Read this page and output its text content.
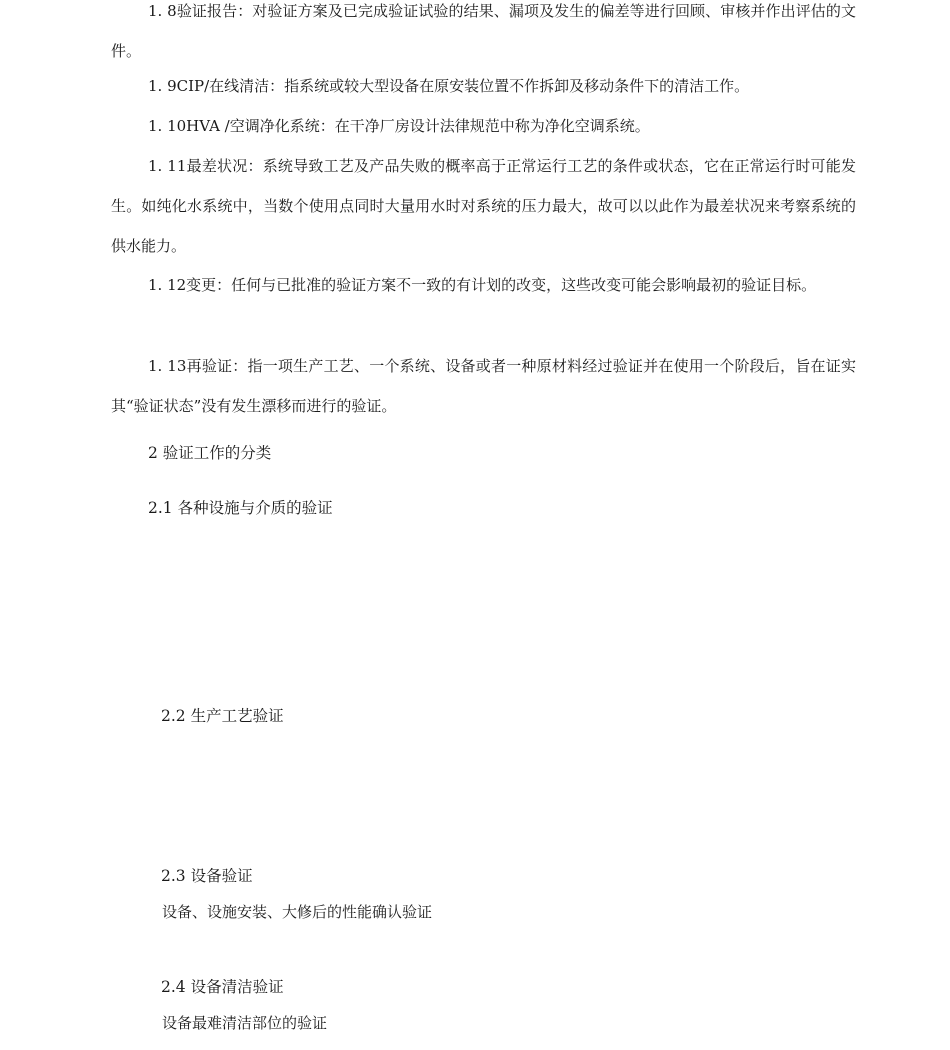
1. 8验证报告：对验证方案及已完成验证试验的结果、漏项及发生的偏差等进行回顾、审核并作出评估的文件。

1. 9CIP/在线清洁：指系统或较大型设备在原安装位置不作拆卸及移动条件下的清洁工作。

1. 10HVA /空调净化系统：在干净厂房设计法律规范中称为净化空调系统。

1. 11最差状况：系统导致工艺及产品失败的概率高于正常运行工艺的条件或状态，它在正常运行时可能发生。如纯化水系统中，当数个使用点同时大量用水时对系统的压力最大，故可以以此作为最差状况来考察系统的供水能力。

1. 12变更：任何与已批准的验证方案不一致的有计划的改变，这些改变可能会影响最初的验证目标。

1. 13再验证：指一项生产工艺、一个系统、设备或者一种原材料经过验证并在使用一个阶段后，旨在证实其“验证状态”没有发生漂移而进行的验证。

2 验证工作的分类
2.1 各种设施与介质的验证
2.2 生产工艺验证
2.3 设备验证
设备、设施安装、大修后的性能确认验证
2.4 设备清洁验证
设备最难清洁部位的验证
